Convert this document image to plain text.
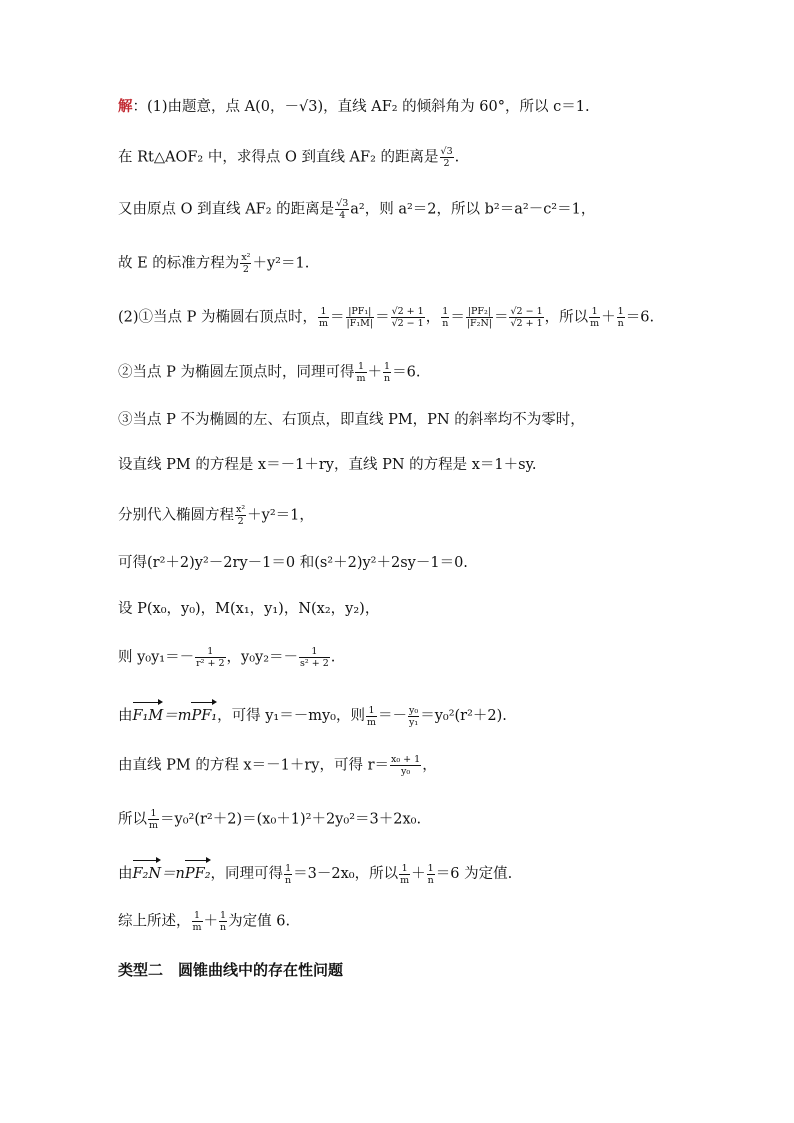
解：(1)由题意，点 A(0，－√3)，直线 AF₂ 的倾斜角为 60°，所以 c＝1.
在 Rt△AOF₂ 中，求得点 O 到直线 AF₂ 的距离是 $\frac{√3}{2}$ .
又由原点 O 到直线 AF₂ 的距离是 $\frac{√3}{4} a^2$，则 a²＝2，所以 b²＝a²－c²＝1，
故 E 的标准方程为 $\frac{\text{x²}}{2} +y^2=1$.
(2)①当点 P 为椭圆右顶点时， $\frac{1}{m} = \frac{\text{|PF₁|}}{\text{|F₁M|}} = \frac{√2 + 1}{√2 - 1}$ ， $\frac{1}{n} = \frac{\text{|PF₂|}}{\text{|F₂N|}} = \frac{√2 - 1}{√2 + 1}$ ，所以 $\frac{1}{m} + \frac{1}{n} =6$.
②当点 P 为椭圆左顶点时，同理可得 $\frac{1}{m} + \frac{1}{n} =6$.
③当点 P 不为椭圆的左、右顶点，即直线 PM，PN 的斜率均不为零时，
设直线 PM 的方程是 x＝－1＋ry，直线 PN 的方程是 x＝1＋sy.
分别代入椭圆方程 $\frac{\text{x²}}{2} +y^2=1$，
可得(r²＋2)y²－2ry－1＝0 和(s²＋2)y²＋2sy－1＝0.
设 P(x₀，y₀)，M(x₁，y₁)，N(x₂，y₂)，
则 $y_0y_1=- \frac{1}{\text{r² + 2}}$ ，$y_0y_2=- \frac{1}{\text{s² + 2}}$ .
由F₁M＝mPF₁，可得 y₁＝－my₀，则 $\frac{1}{m} =- \frac{\text{y₀}}{\text{y₁}} =y_0^2(r^2+2)$.
由直线 PM 的方程 x＝－1＋ry，可得 $r= \frac{\text{x₀ + 1}}{\text{y₀}}$ ，
所以 $\frac{1}{m} =y_0^2(r^2+2)=(x_0+1)^2+2y_0^2=3+2x_0$.
由F₂N＝nPF₂，同理可得 $\frac{1}{n} =3-2x_0$，所以 $\frac{1}{m} + \frac{1}{n} =6$ 为定值.
综上所述， $\frac{1}{m} + \frac{1}{n}$ 为定值 6.
类型二　圆锥曲线中的存在性问题
